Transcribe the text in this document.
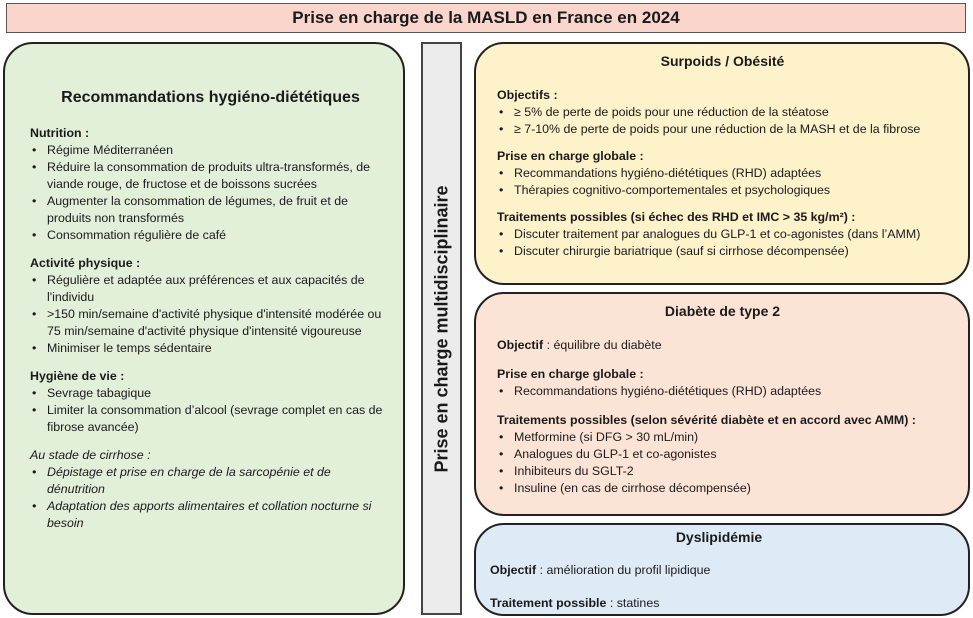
Prise en charge de la MASLD en France en 2024
Recommandations hygiéno-diététiques
Nutrition :
• Régime Méditerranéen
• Réduire la consommation de produits ultra-transformés, de viande rouge, de fructose et de boissons sucrées
• Augmenter la consommation de légumes, de fruit et de produits non transformés
• Consommation régulière de café
Activité physique :
• Régulière et adaptée aux préférences et aux capacités de l'individu
• >150 min/semaine d'activité physique d'intensité modérée ou 75 min/semaine d'activité physique d'intensité vigoureuse
• Minimiser le temps sédentaire
Hygiène de vie :
• Sevrage tabagique
• Limiter la consommation d’alcool (sevrage complet en cas de fibrose avancée)
Au stade de cirrhose :
• Dépistage et prise en charge de la sarcopénie et de dénutrition
• Adaptation des apports alimentaires et collation nocturne si besoin
Prise en charge multidisciplinaire
Surpoids / Obésité
Objectifs :
• ≥ 5% de perte de poids pour une réduction de la stéatose
• ≥ 7-10% de perte de poids pour une réduction de la MASH et de la fibrose
Prise en charge globale :
• Recommandations hygiéno-diététiques (RHD) adaptées
• Thérapies cognitivo-comportementales et psychologiques
Traitements possibles (si échec des RHD et IMC > 35 kg/m²) :
• Discuter traitement par analogues du GLP-1 et co-agonistes (dans l’AMM)
• Discuter chirurgie bariatrique (sauf si cirrhose décompensée)
Diabète de type 2
Objectif : équilibre du diabète
Prise en charge globale :
• Recommandations hygiéno-diététiques (RHD) adaptées
Traitements possibles (selon sévérité diabète et en accord avec AMM) :
• Metformine (si DFG > 30 mL/min)
• Analogues du GLP-1 et co-agonistes
• Inhibiteurs du SGLT-2
• Insuline (en cas de cirrhose décompensée)
Dyslipidémie
Objectif : amélioration du profil lipidique
Traitement possible : statines
